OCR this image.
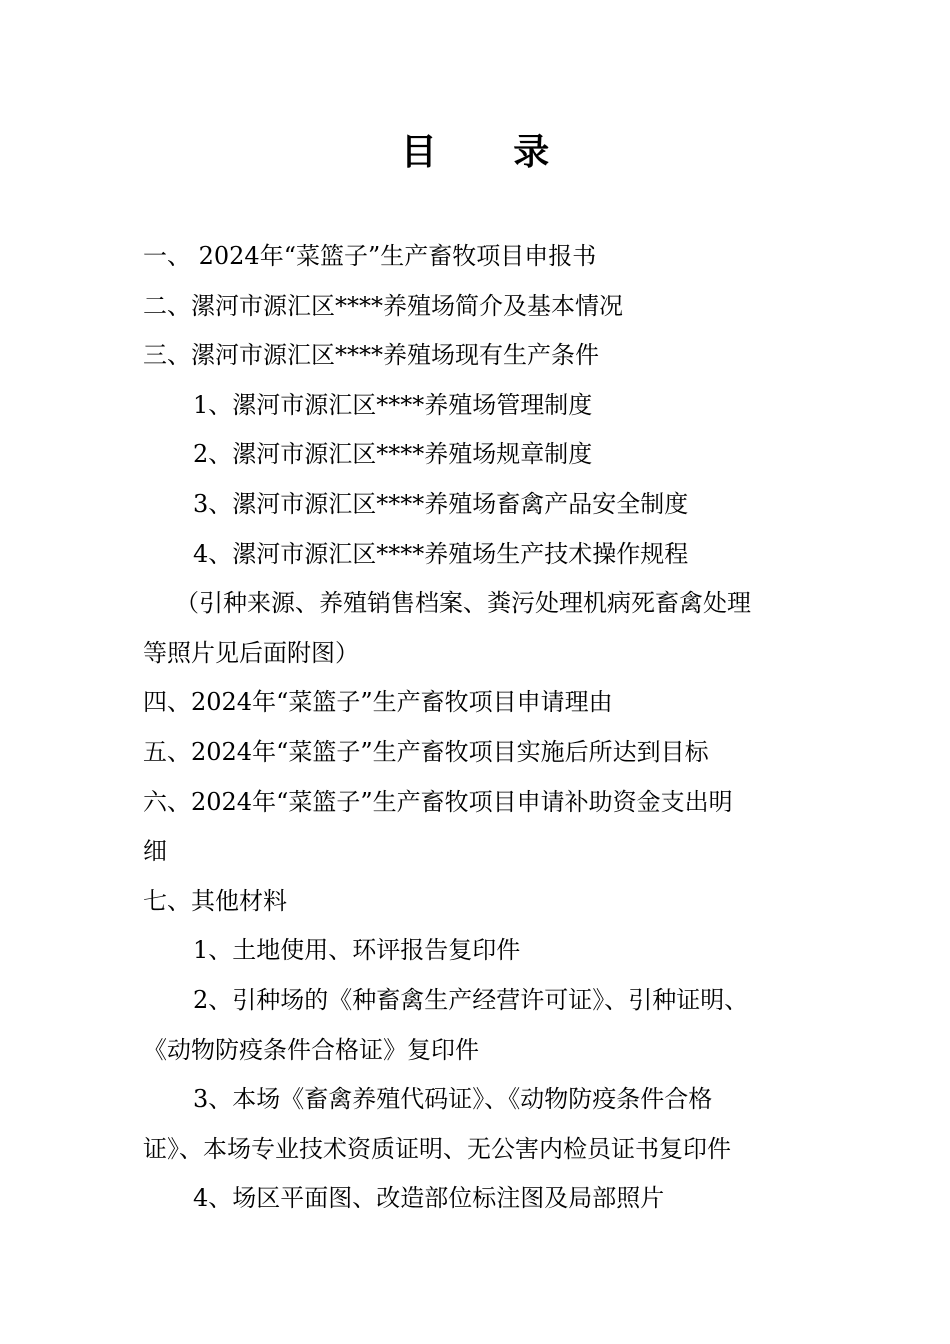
目 录
一、 2024年“菜篮子”生产畜牧项目申报书
二、漯河市源汇区****养殖场简介及基本情况
三、漯河市源汇区****养殖场现有生产条件
1、漯河市源汇区****养殖场管理制度
2、漯河市源汇区****养殖场规章制度
3、漯河市源汇区****养殖场畜禽产品安全制度
4、漯河市源汇区****养殖场生产技术操作规程
（引种来源、养殖销售档案、粪污处理机病死畜禽处理
等照片见后面附图）
四、2024年“菜篮子”生产畜牧项目申请理由
五、2024年“菜篮子”生产畜牧项目实施后所达到目标
六、2024年“菜篮子”生产畜牧项目申请补助资金支出明
细
七、其他材料
1、土地使用、环评报告复印件
2、引种场的《种畜禽生产经营许可证》、引种证明、
《动物防疫条件合格证》复印件
3、本场《畜禽养殖代码证》、《动物防疫条件合格
证》、本场专业技术资质证明、无公害内检员证书复印件
4、场区平面图、改造部位标注图及局部照片
